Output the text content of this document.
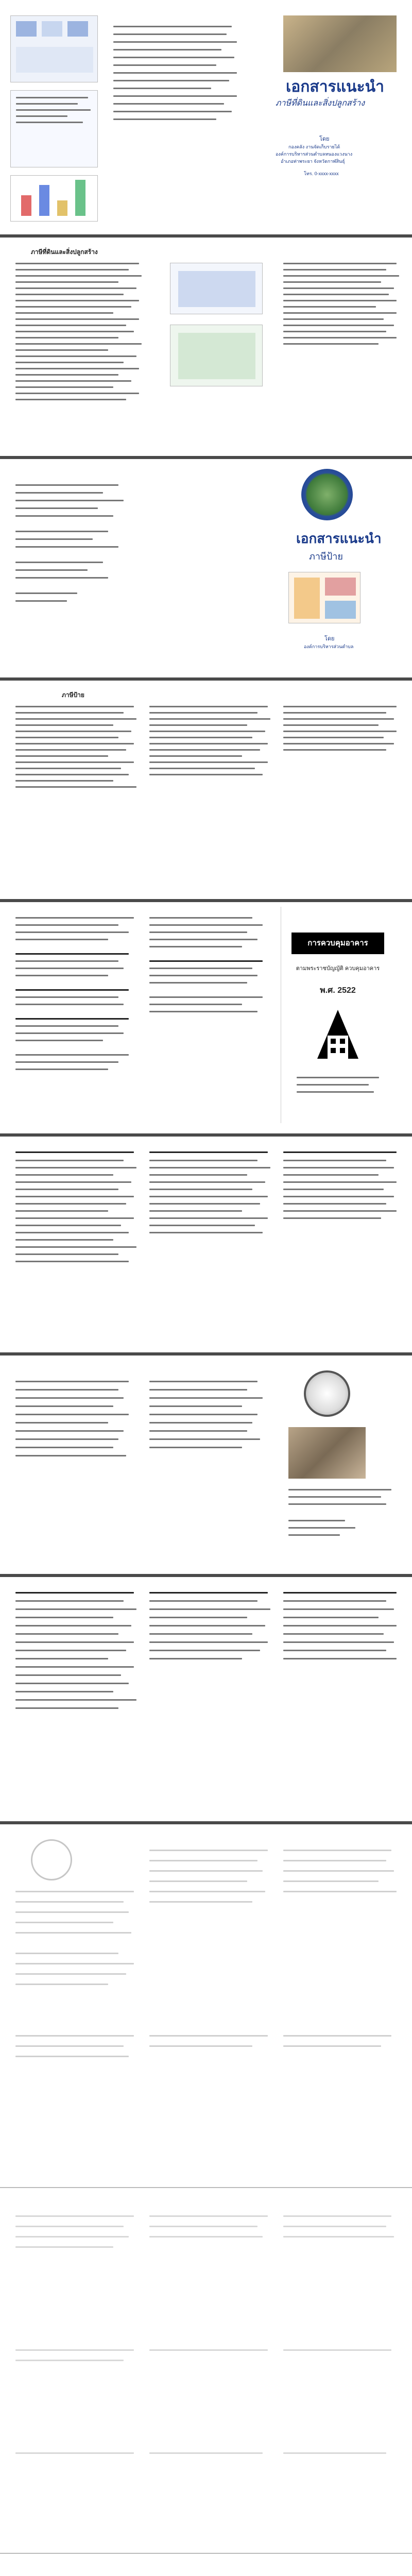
เอกสารแนะนำ
ภาษีที่ดินและสิ่งปลูกสร้าง
โดย
กองคลัง งานจัดเก็บรายได้
องค์การบริหารส่วนตำบลหนองแวงนาง
อำเภอท่าพระยา จังหวัดกาฬสินธุ์
โทร. 0-xxxx-xxxx
ภาษีที่ดินและสิ่งปลูกสร้าง
เอกสารแนะนำ
ภาษีป้าย
โดย
องค์การบริหารส่วนตำบล
ภาษีป้าย
การควบคุมอาคาร
ตามพระราชบัญญัติ ควบคุมอาคาร
พ.ศ. 2522
